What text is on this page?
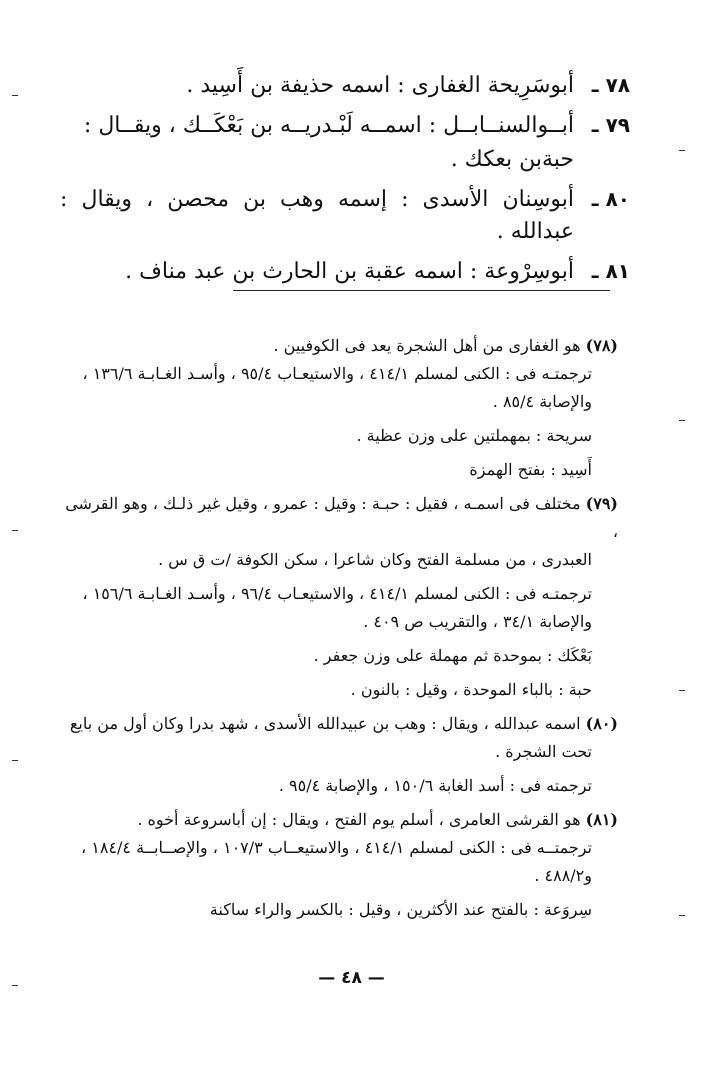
٧٨ ـ
أبوسَرِيحة الغفارى : اسمه حذيفة بن أَسِيد .
٧٩ ـ
أبــوالسنــابــل : اسمــه لَبْـدريــه بن بَعْكَــك ، ويقــال :
حبةبن بعكك .
٨٠ ـ
أبوسِنان الأسدى : إسمه وهب بن محصن ، ويقال : عبدالله .
٨١ ـ
أبوسِرْوعة : اسمه عقبة بن الحارث بن عبد مناف .
(٧٨) هو الغفارى من أهل الشجرة يعد فى الكوفيين .
ترجمتـه فى : الكنى لمسلم ٤١٤/١ ، والاستيعـاب ٩٥/٤ ، وأسـد الغـابـة ١٣٦/٦ ،
والإصابة ٨٥/٤ .
سريحة : بمهملتين على وزن عظية .
أَسِيد : بفتح الهمزة
(٧٩) مختلف فى اسمـه ، فقيل : حبـة : وقيل : عمرو ، وقيل غير ذلـك ، وهو القرشى ،
العبدرى ، من مسلمة الفتح وكان شاعرا ، سكن الكوفة /ت ق س .
ترجمتـه فى : الكنى لمسلم ٤١٤/١ ، والاستيعـاب ٩٦/٤ ، وأسـد الغـابـة ١٥٦/٦ ،
والإصابة ٣٤/١ ، والتقريب ص ٤٠٩ .
بَعْكَك : بموحدة ثم مهملة على وزن جعفر .
حبة : بالباء الموحدة ، وقيل : بالنون .
(٨٠) اسمه عبدالله ، ويقال : وهب بن عبيدالله الأسدى ، شهد بدرا وكان أول من بايع
تحت الشجرة .
ترجمته فى : أسد الغابة ١٥٠/٦ ، والإصابة ٩٥/٤ .
(٨١) هو القرشى العامرى ، أسلم يوم الفتح ، ويقال : إن أباسروعة أخوه .
ترجمتــه فى : الكنى لمسلم ٤١٤/١ ، والاستيعــاب ١٠٧/٣ ، والإصــابــة ١٨٤/٤ ،
و٤٨٨/٢ .
سِروَعة : بالفتح عند الأكثرين ، وقيل : بالكسر والراء ساكنة
— ٤٨ —
